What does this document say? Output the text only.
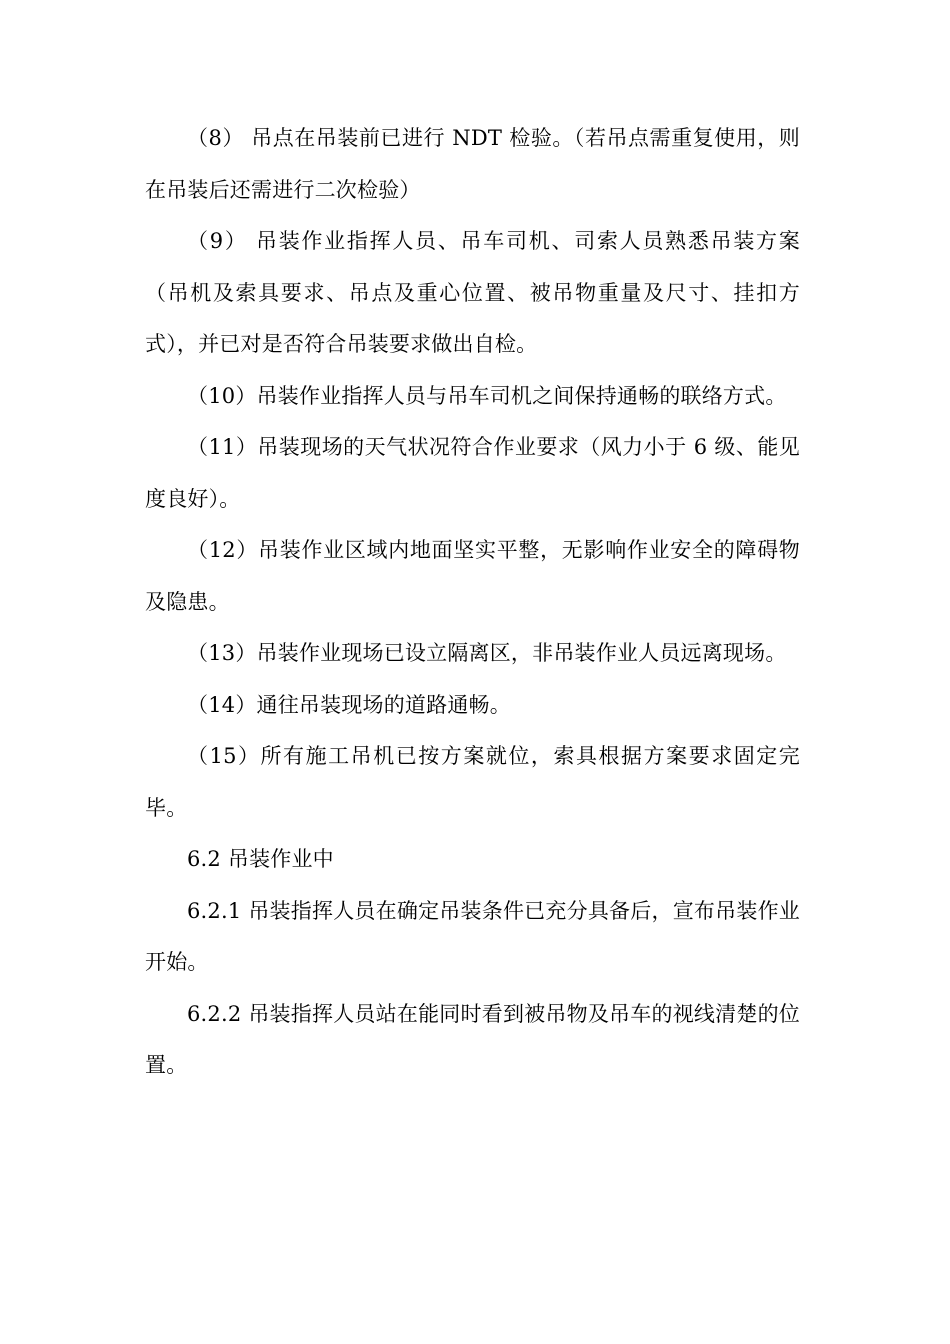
（8） 吊点在吊装前已进行 NDT 检验。（若吊点需重复使用，则在吊装后还需进行二次检验）

（9） 吊装作业指挥人员、吊车司机、司索人员熟悉吊装方案（吊机及索具要求、吊点及重心位置、被吊物重量及尺寸、挂扣方式），并已对是否符合吊装要求做出自检。

（10）吊装作业指挥人员与吊车司机之间保持通畅的联络方式。

（11）吊装现场的天气状况符合作业要求（风力小于 6 级、能见度良好）。

（12）吊装作业区域内地面坚实平整，无影响作业安全的障碍物及隐患。

（13）吊装作业现场已设立隔离区，非吊装作业人员远离现场。

（14）通往吊装现场的道路通畅。

（15）所有施工吊机已按方案就位，索具根据方案要求固定完毕。

6.2 吊装作业中

6.2.1 吊装指挥人员在确定吊装条件已充分具备后，宣布吊装作业开始。

6.2.2 吊装指挥人员站在能同时看到被吊物及吊车的视线清楚的位置。
